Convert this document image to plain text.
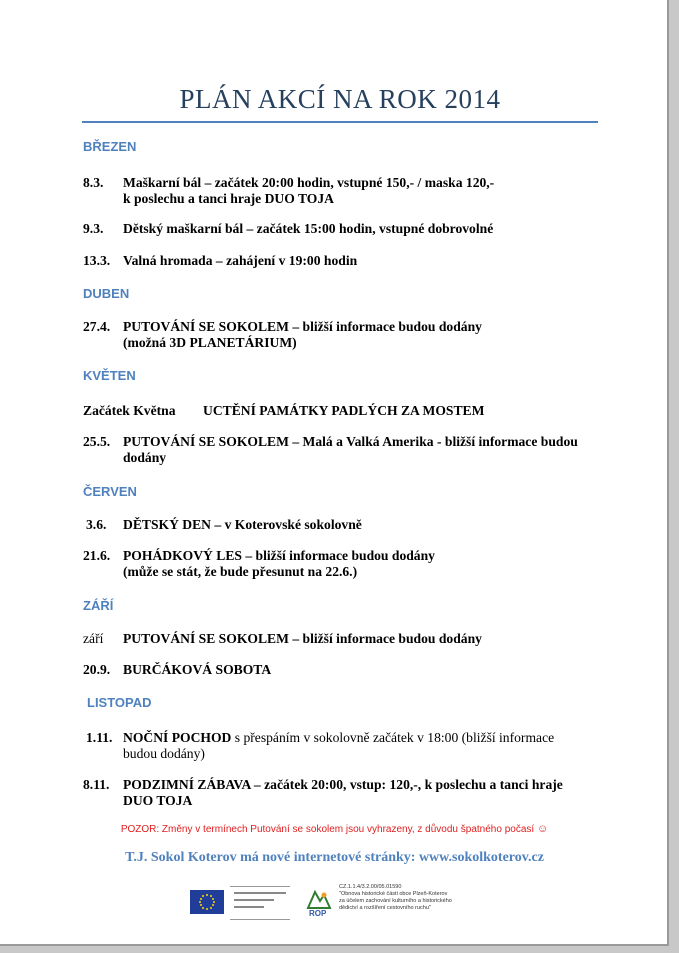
PLÁN AKCÍ NA ROK 2014
BŘEZEN
8.3. Maškarní bál – začátek 20:00 hodin, vstupné 150,- / maska 120,-
k poslechu a tanci hraje DUO TOJA
9.3. Dětský maškarní bál – začátek 15:00 hodin, vstupné dobrovolné
13.3. Valná hromada – zahájení v 19:00 hodin
DUBEN
27.4. PUTOVÁNÍ SE SOKOLEM – bližší informace budou dodány
(možná 3D PLANETÁRIUM)
KVĚTEN
Začátek Května UCTĚNÍ PAMÁTKY PADLÝCH ZA MOSTEM
25.5. PUTOVÁNÍ SE SOKOLEM – Malá a Valká Amerika - bližší informace budou
dodány
ČERVEN
3.6. DĚTSKÝ DEN – v Koterovské sokolovně
21.6. POHÁDKOVÝ LES – bližší informace budou dodány
(může se stát, že bude přesunut na 22.6.)
ZÁŘÍ
září PUTOVÁNÍ SE SOKOLEM – bližší informace budou dodány
20.9. BURČÁKOVÁ SOBOTA
LISTOPAD
1.11. NOČNÍ POCHOD s přespáním v sokolovně začátek v 18:00 (bližší informace
budou dodány)
8.11. PODZIMNÍ ZÁBAVA – začátek 20:00, vstup: 120,-, k poslechu a tanci hraje
DUO TOJA
POZOR: Změny v termínech Putování se sokolem jsou vyhrazeny, z důvodu špatného počasí ☺
T.J. Sokol Koterov má nové internetové stránky: www.sokolkoterov.cz
ROP
CZ.1.1.4/3.2.00/05.01590
"Obnova historické části obce Plzeň-Koterov
za účelem zachování kulturního a historického
dědictví a rozšíření cestovního ruchu"
